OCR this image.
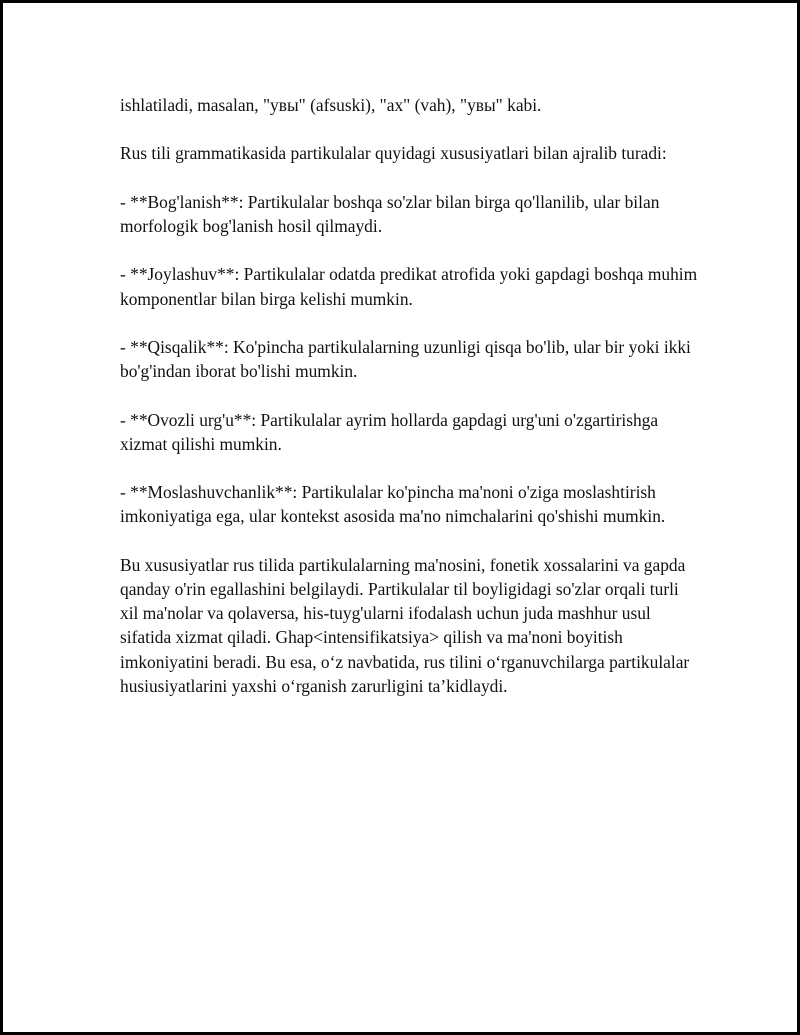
ishlatiladi, masalan, "увы" (afsuski), "ах" (vah), "увы" kabi.

Rus tili grammatikasida partikulalar quyidagi xususiyatlari bilan ajralib turadi:

- **Bog'lanish**: Partikulalar boshqa so'zlar bilan birga qo'llanilib, ular bilan morfologik bog'lanish hosil qilmaydi.

- **Joylashuv**: Partikulalar odatda predikat atrofida yoki gapdagi boshqa muhim komponentlar bilan birga kelishi mumkin.

- **Qisqalik**: Ko'pincha partikulalarning uzunligi qisqa bo'lib, ular bir yoki ikki bo'g'indan iborat bo'lishi mumkin.

- **Ovozli urg'u**: Partikulalar ayrim hollarda gapdagi urg'uni o'zgartirishga xizmat qilishi mumkin.

- **Moslashuvchanlik**: Partikulalar ko'pincha ma'noni o'ziga moslashtirish imkoniyatiga ega, ular kontekst asosida ma'no nimchalarini qo'shishi mumkin.

Bu xususiyatlar rus tilida partikulalarning ma'nosini, fonetik xossalarini va gapda qanday o'rin egallashini belgilaydi. Partikulalar til boyligidagi so'zlar orqali turli xil ma'nolar va qolaversa, his-tuyg'ularni ifodalash uchun juda mashhur usul sifatida xizmat qiladi. Ghap<intensifikatsiya> qilish va ma'noni boyitish imkoniyatini beradi. Bu esa, o‘z navbatida, rus tilini o‘rganuvchilarga partikulalar husiusiyatlarini yaxshi o‘rganish zarurligini ta’kidlaydi.
